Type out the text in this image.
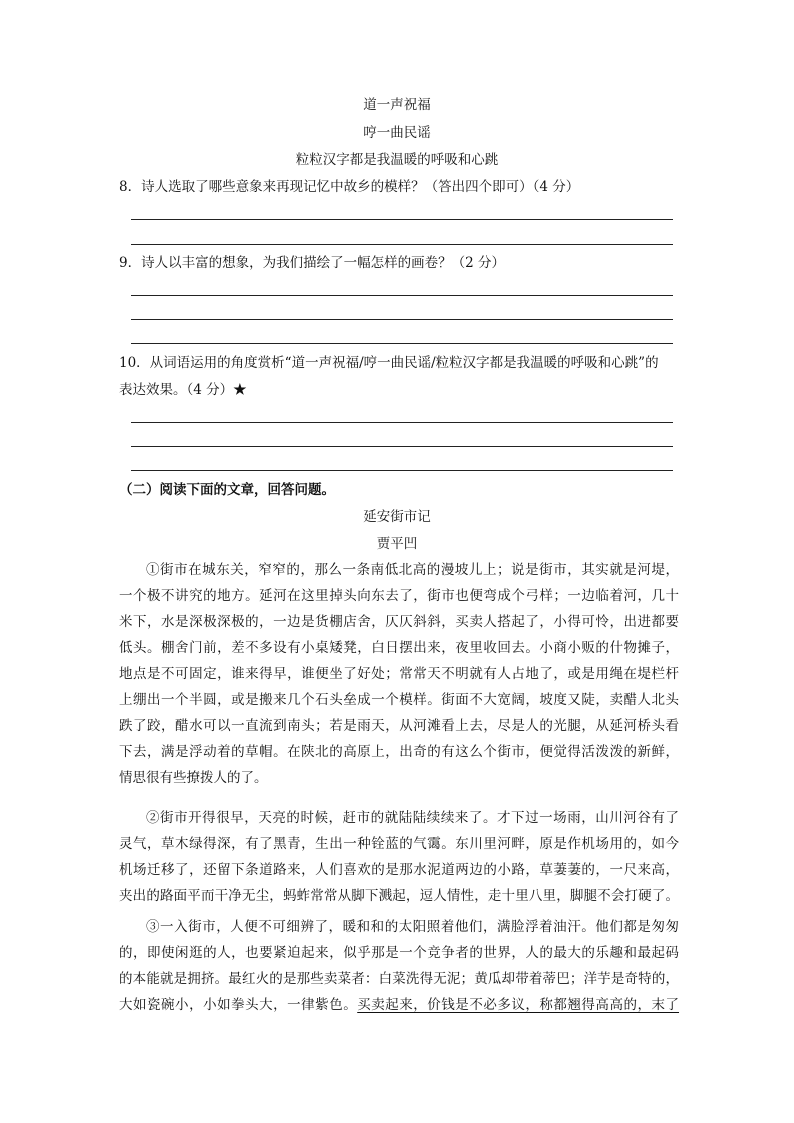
道一声祝福
哼一曲民谣
粒粒汉字都是我温暖的呼吸和心跳
8．诗人选取了哪些意象来再现记忆中故乡的模样？（答出四个即可）（4 分）
9．诗人以丰富的想象，为我们描绘了一幅怎样的画卷？（2 分）
10．从词语运用的角度赏析“道一声祝福/哼一曲民谣/粒粒汉字都是我温暖的呼吸和心跳”的
表达效果。（4 分）★
（二）阅读下面的文章，回答问题。
延安街市记
贾平凹
①街市在城东关，窄窄的，那么一条南低北高的漫坡儿上；说是街市，其实就是河堤，
一个极不讲究的地方。延河在这里掉头向东去了，街市也便弯成个弓样；一边临着河，几十
米下，水是深极深极的，一边是货棚店舍，仄仄斜斜，买卖人搭起了，小得可怜，出进都要
低头。棚舍门前，差不多设有小桌矮凳，白日摆出来，夜里收回去。小商小贩的什物摊子，
地点是不可固定，谁来得早，谁便坐了好处；常常天不明就有人占地了，或是用绳在堤栏杆
上绷出一个半圆，或是搬来几个石头垒成一个模样。街面不大宽阔，坡度又陡，卖醋人北头
跌了跤，醋水可以一直流到南头；若是雨天，从河滩看上去，尽是人的光腿，从延河桥头看
下去，满是浮动着的草帽。在陕北的高原上，出奇的有这么个街市，便觉得活泼泼的新鲜，
情思很有些撩拨人的了。
②街市开得很早，天亮的时候，赶市的就陆陆续续来了。才下过一场雨，山川河谷有了
灵气，草木绿得深，有了黑青，生出一种铨蓝的气霭。东川里河畔，原是作机场用的，如今
机场迁移了，还留下条道路来，人们喜欢的是那水泥道两边的小路，草萋萋的，一尺来高，
夹出的路面平而干净无尘，蚂蚱常常从脚下溅起，逗人情性，走十里八里，脚腿不会打硬了。
③一入街市，人便不可细辨了，暖和和的太阳照着他们，满脸浮着油汗。他们都是匆匆
的，即使闲逛的人，也要紧迫起来，似乎那是一个竞争者的世界，人的最大的乐趣和最起码
的本能就是拥挤。最红火的是那些卖菜者：白菜洗得无泥；黄瓜却带着蒂巴；洋芋是奇特的，
大如瓷碗小，小如拳头大，一律紫色。买卖起来，价钱是不必多议，称都翘得高高的，末了
